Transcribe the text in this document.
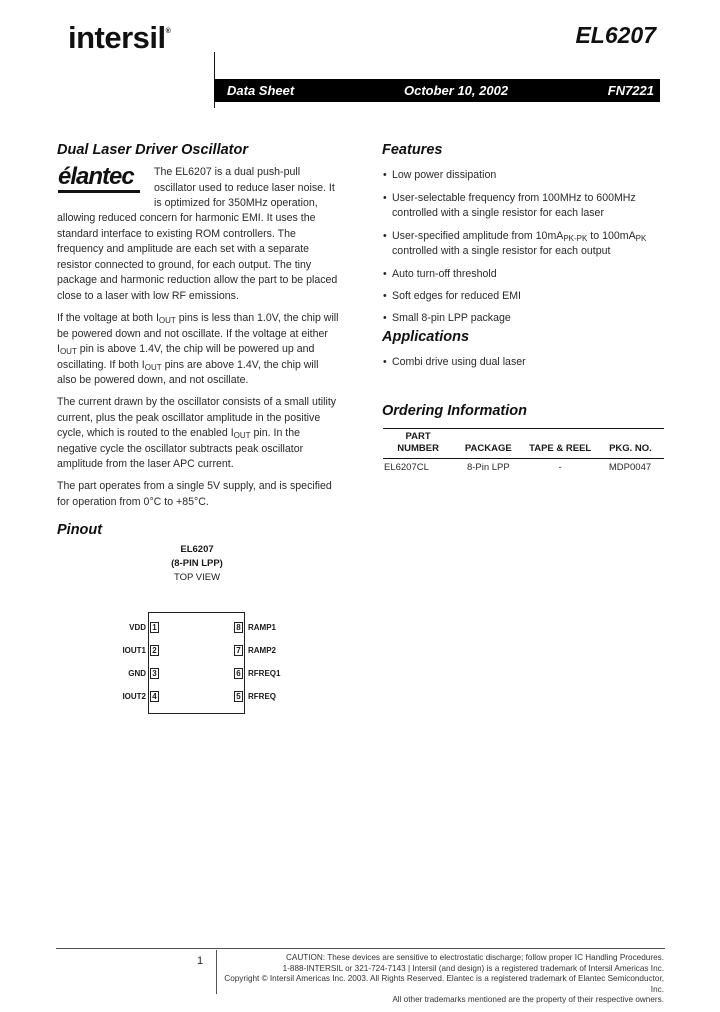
intersil®	EL6207
Data Sheet	October 10, 2002	FN7221
Dual Laser Driver Oscillator
élantec	The EL6207 is a dual push-pull
oscillator used to reduce laser noise. It
is optimized for 350MHz operation,
allowing reduced concern for harmonic EMI. It uses the
standard interface to existing ROM controllers. The
frequency and amplitude are each set with a separate
resistor connected to ground, for each output. The tiny
package and harmonic reduction allow the part to be placed
close to a laser with low RF emissions.
If the voltage at both $I_{OUT}$ pins is less than 1.0V, the chip will
be powered down and not oscillate. If the voltage at either
$I_{OUT}$ pin is above 1.4V, the chip will be powered up and
oscillating. If both $I_{OUT}$ pins are above 1.4V, the chip will
also be powered down, and not oscillate.
The current drawn by the oscillator consists of a small utility
current, plus the peak oscillator amplitude in the positive
cycle, which is routed to the enabled $I_{OUT}$ pin. In the
negative cycle the oscillator subtracts peak oscillator
amplitude from the laser APC current.
The part operates from a single 5V supply, and is specified
for operation from 0°C to +85°C.
Pinout
EL6207
(8-PIN LPP)
TOP VIEW
VDD 1
IOUT1 2
GND 3
IOUT2 4
8 RAMP1
7 RAMP2
6 RFREQ1
5 RFREQ
Features
• Low power dissipation
• User-selectable frequency from 100MHz to 600MHz
controlled with a single resistor for each laser
• User-specified amplitude from $10mA_{PK-PK}$ to $100mA_{PK}$
controlled with a single resistor for each output
• Auto turn-off threshold
• Soft edges for reduced EMI
• Small 8-pin LPP package
Applications
• Combi drive using dual laser
Ordering Information
PART
NUMBER	PACKAGE	TAPE & REEL	PKG. NO.
EL6207CL	8-Pin LPP	-	MDP0047
1	CAUTION: These devices are sensitive to electrostatic discharge; follow proper IC Handling Procedures.
1-888-INTERSIL or 321-724-7143 | Intersil (and design) is a registered trademark of Intersil Americas Inc.
Copyright © Intersil Americas Inc. 2003. All Rights Reserved. Elantec is a registered trademark of Elantec Semiconductor, Inc.
All other trademarks mentioned are the property of their respective owners.
